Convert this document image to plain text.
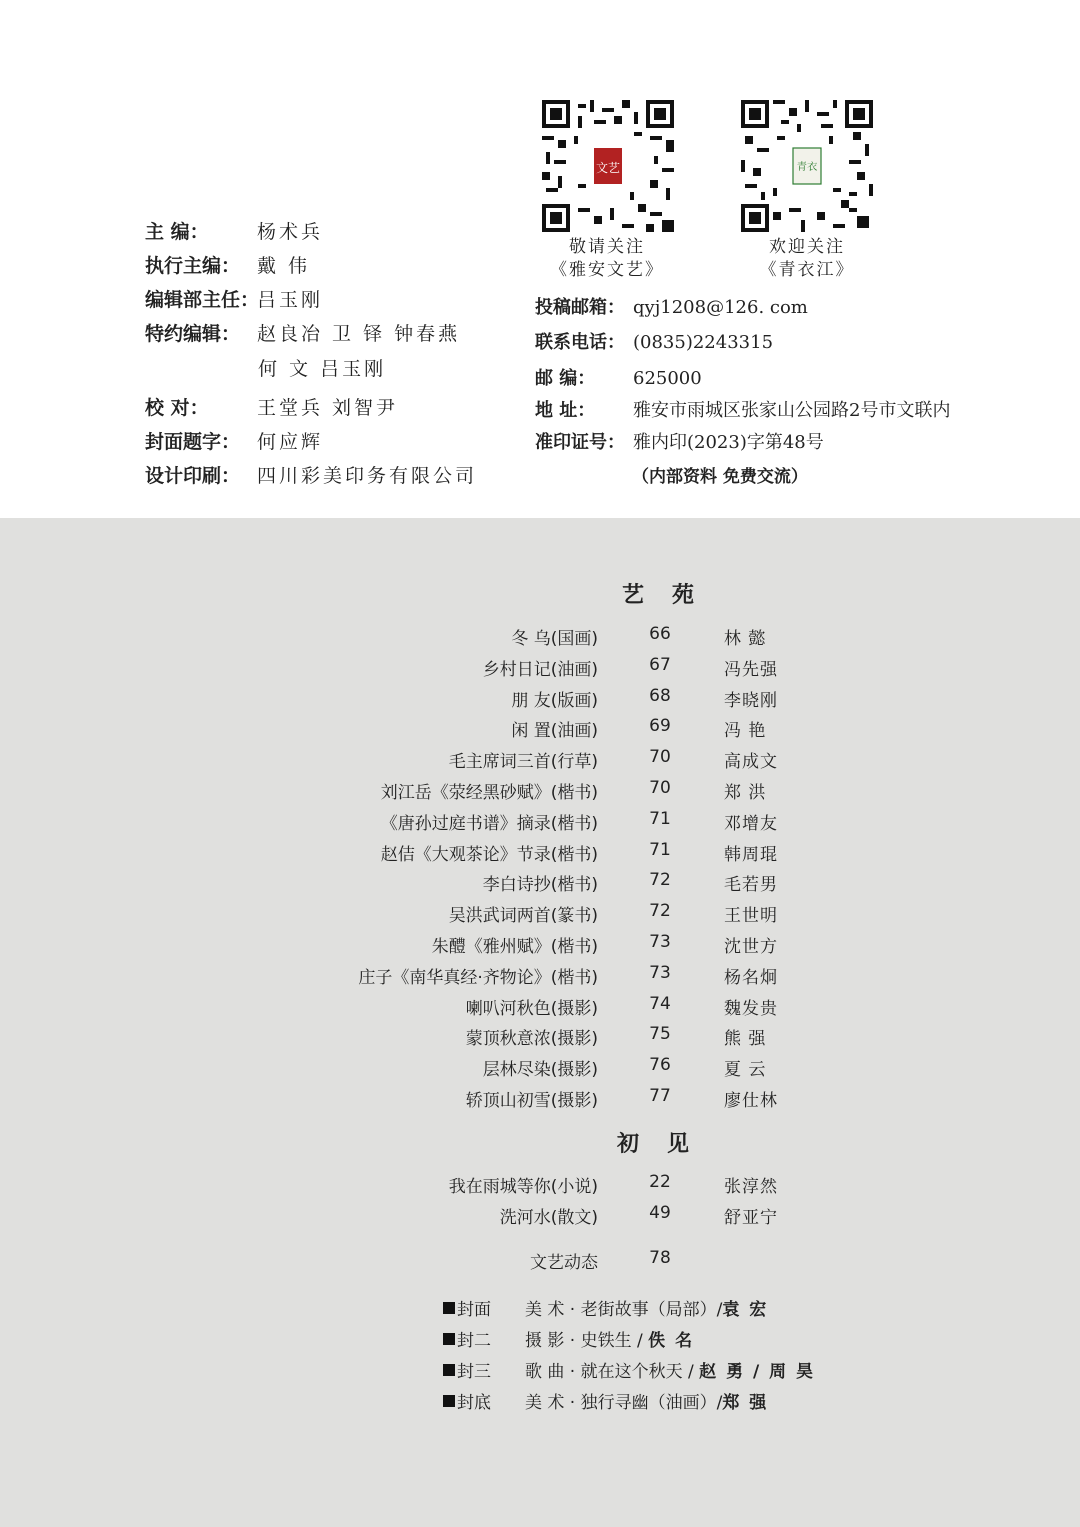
主 编：	杨术兵
执行主编： 戴 伟
编辑部主任：吕玉刚
特约编辑： 赵良冶 卫 铎 钟春燕
何 文 吕玉刚
校 对：	王堂兵 刘智尹
封面题字： 何应辉
设计印刷： 四川彩美印务有限公司
文艺
敬请关注
《雅安文艺》
青衣
欢迎关注
《青衣江》
投稿邮箱： qyj1208@126. com
联系电话： (0835)2243315
邮 编： 625000
地 址： 雅安市雨城区张家山公园路2号市文联内
准印证号： 雅内印(2023)字第48号
（内部资料 免费交流）
艺苑
冬 乌(国画)	66	林 懿
乡村日记(油画)	67	冯先强
朋 友(版画)	68	李晓刚
闲 置(油画)	69	冯 艳
毛主席词三首(行草)	70	高成文
刘江岳《荥经黑砂赋》(楷书)	70	郑 洪
《唐孙过庭书谱》摘录(楷书)	71	邓增友
赵佶《大观茶论》节录(楷书)	71	韩周琨
李白诗抄(楷书)	72	毛若男
吴洪武词两首(篆书)	72	王世明
朱醴《雅州赋》(楷书)	73	沈世方
庄子《南华真经·齐物论》(楷书)	73	杨名炯
喇叭河秋色(摄影)	74	魏发贵
蒙顶秋意浓(摄影)	75	熊 强
层林尽染(摄影)	76	夏 云
轿顶山初雪(摄影)	77	廖仕林
初见
我在雨城等你(小说)	22	张淳然
洗河水(散文)	49	舒亚宁
文艺动态	78
封面 美 术 · 老街故事（局部）/袁 宏
封二 摄 影 · 史铁生 / 佚 名
封三 歌 曲 · 就在这个秋天 / 赵 勇 / 周 昊
封底 美 术 · 独行寻幽（油画）/郑 强
